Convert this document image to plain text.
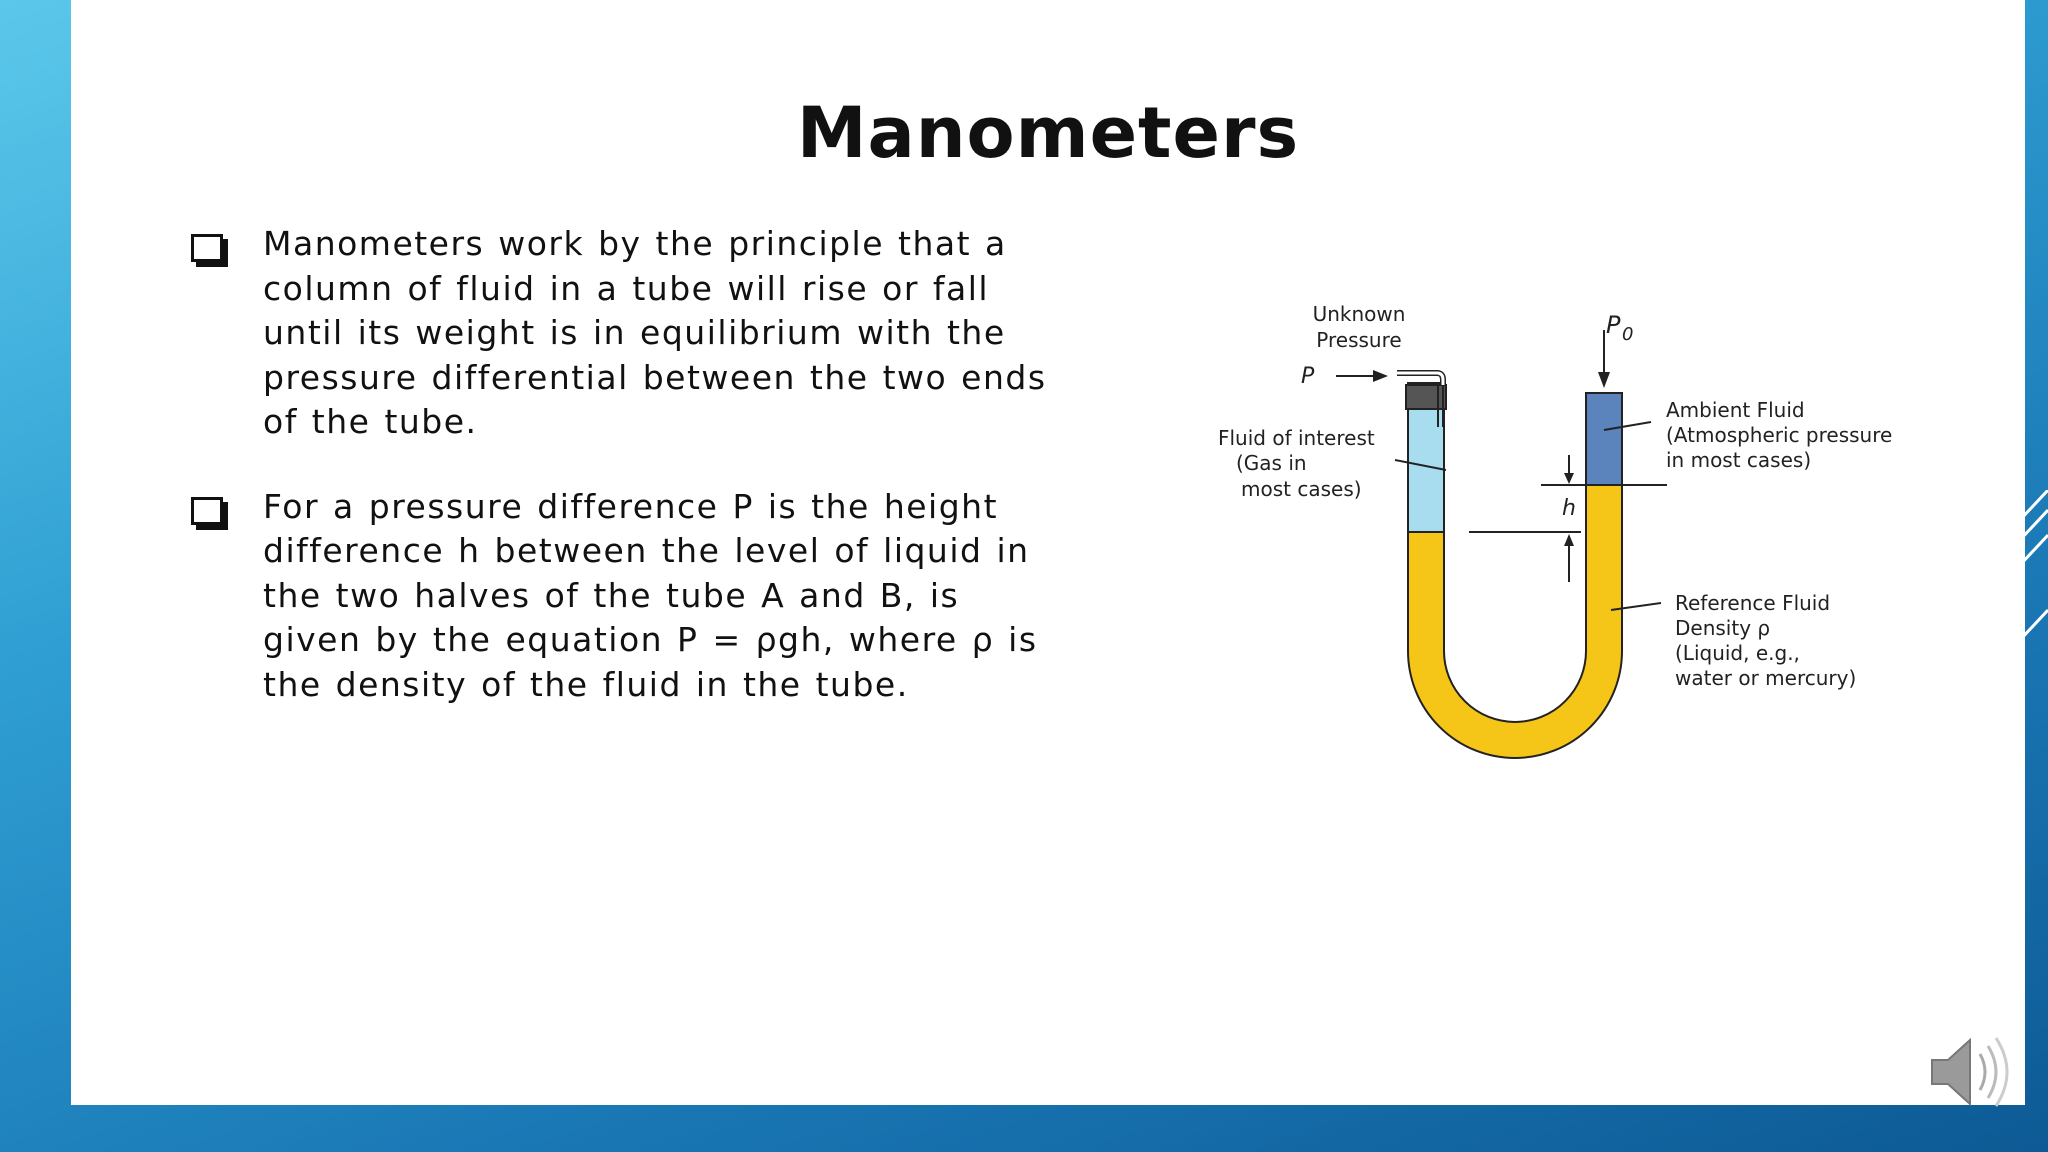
Manometers
Manometers work by the principle that a column of fluid in a tube will rise or fall until its weight is in equilibrium with the pressure differential between the two ends of the tube.
For a pressure difference P is the height difference h between the level of liquid in the two halves of the tube A and B, is given by the equation P = ρgh, where ρ is the density of the fluid in the tube.
Unknown
Pressure
P
P 0
Fluid of interest
(Gas in
most cases)
h
Ambient Fluid
(Atmospheric pressure
in most cases)
Reference Fluid
Density ρ
(Liquid, e.g.,
water or mercury)
